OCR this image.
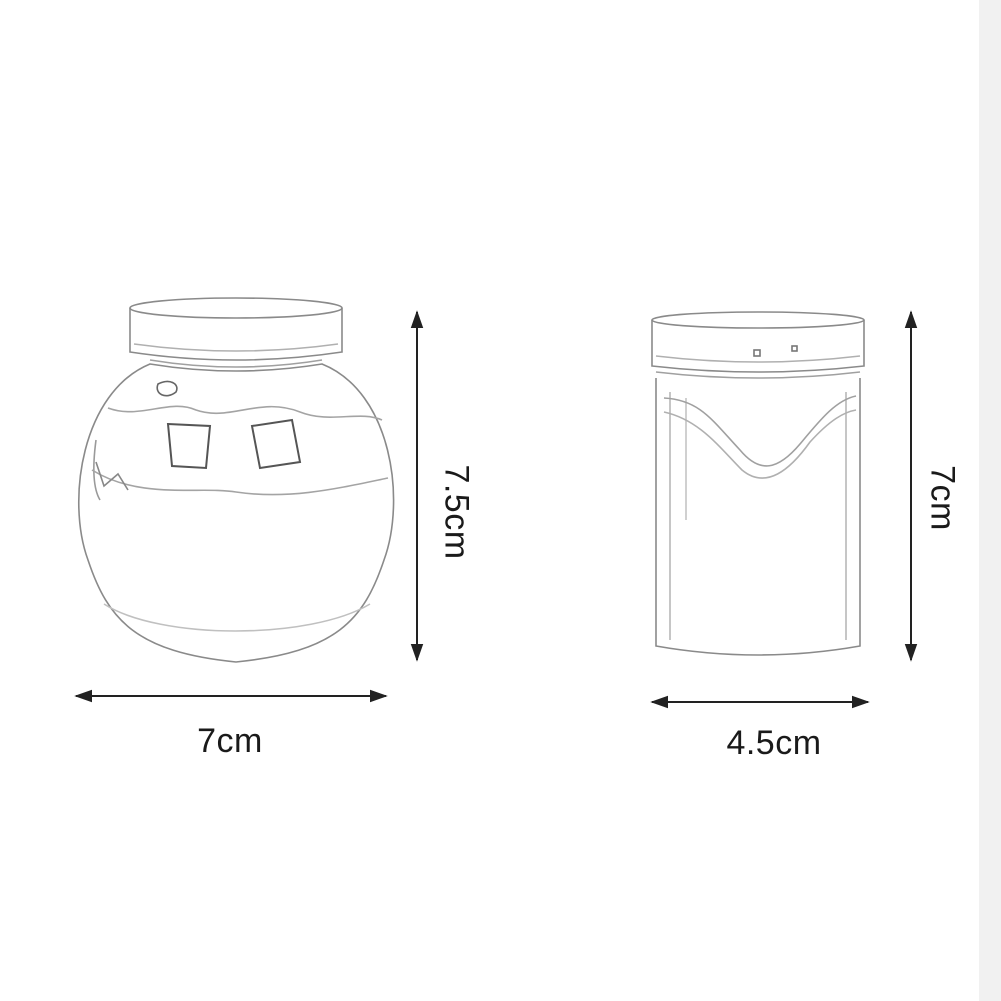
7cm
7.5cm
4.5cm
7cm
